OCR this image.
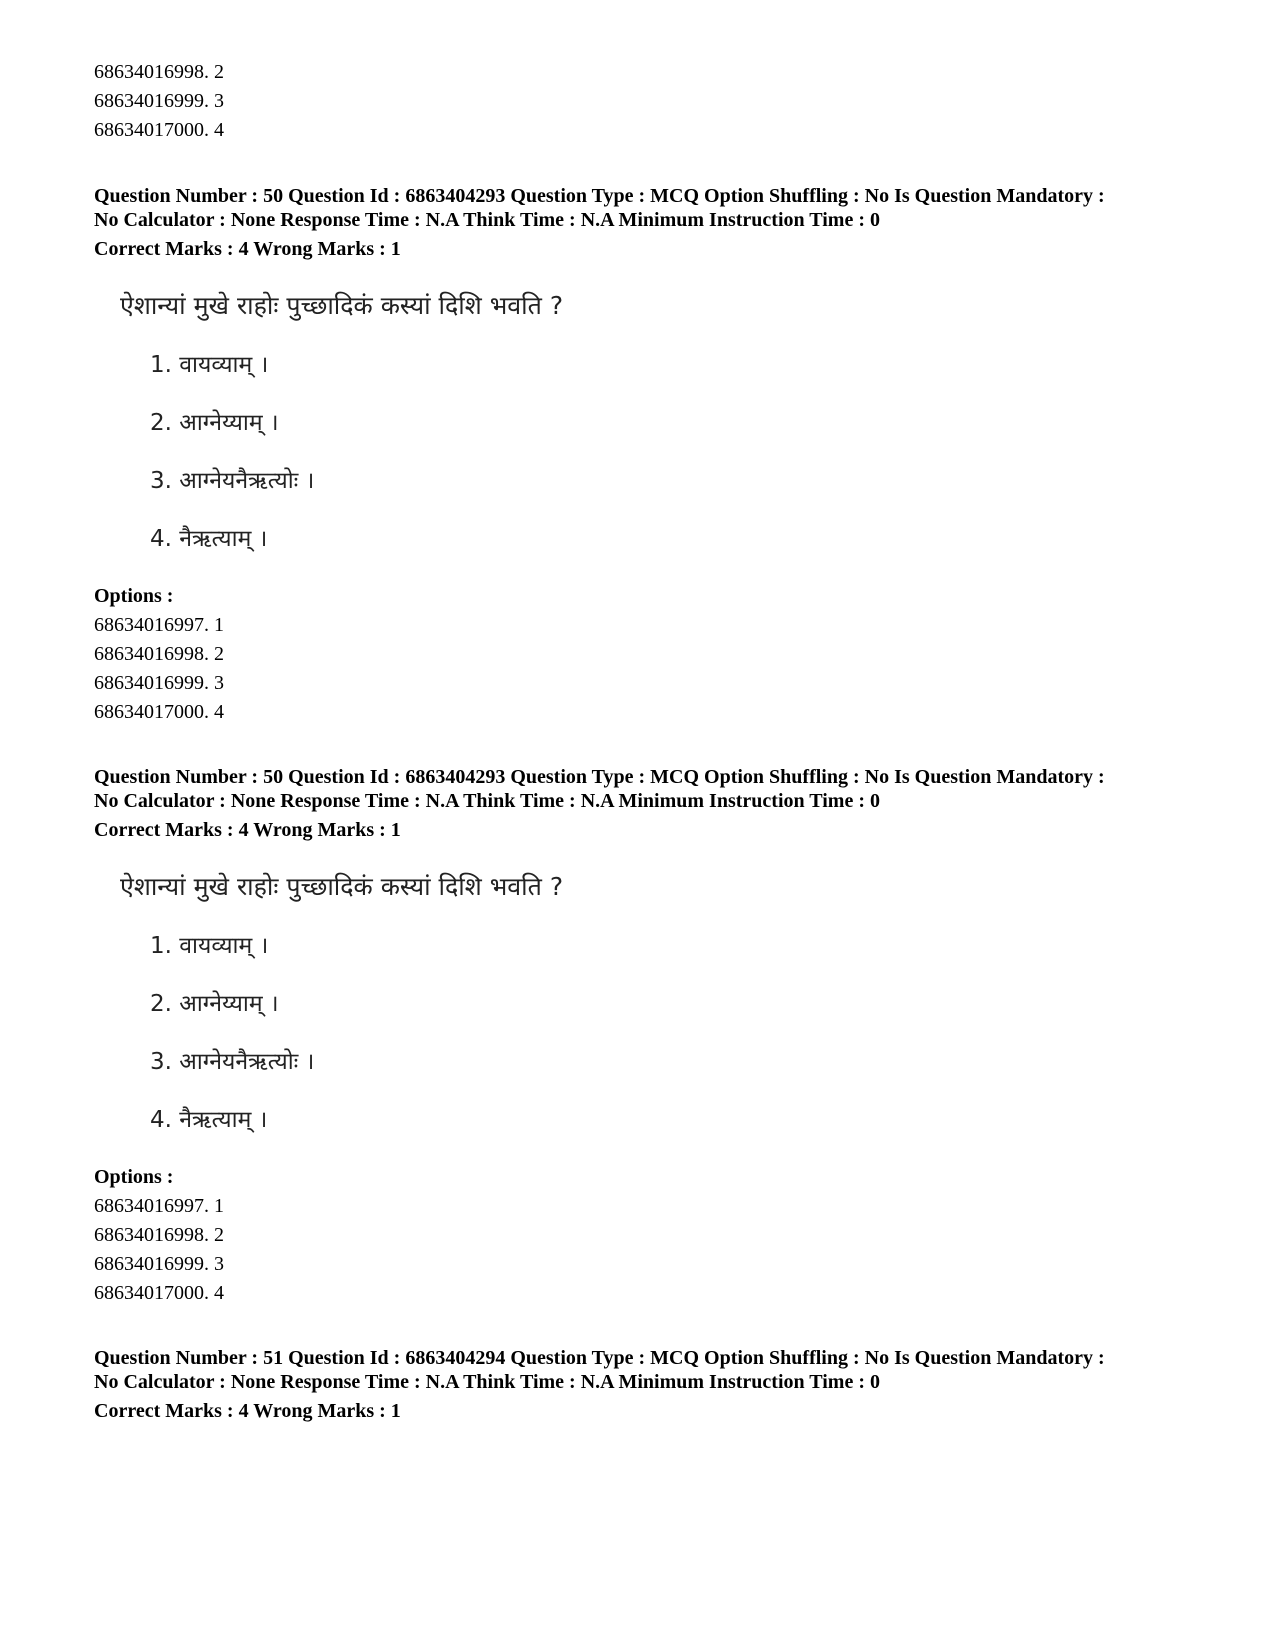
68634016998. 2
68634016999. 3
68634017000. 4
Question Number : 50 Question Id : 6863404293 Question Type : MCQ Option Shuffling : No Is Question Mandatory :
No Calculator : None Response Time : N.A Think Time : N.A Minimum Instruction Time : 0
Correct Marks : 4 Wrong Marks : 1
ऐशान्यां मुखे राहोः पुच्छादिकं कस्यां दिशि भवति ?
1. वायव्याम् ।
2. आग्नेय्याम् ।
3. आग्नेयनैऋत्योः ।
4. नैऋत्याम् ।
Options :
68634016997. 1
68634016998. 2
68634016999. 3
68634017000. 4
Question Number : 50 Question Id : 6863404293 Question Type : MCQ Option Shuffling : No Is Question Mandatory :
No Calculator : None Response Time : N.A Think Time : N.A Minimum Instruction Time : 0
Correct Marks : 4 Wrong Marks : 1
ऐशान्यां मुखे राहोः पुच्छादिकं कस्यां दिशि भवति ?
1. वायव्याम् ।
2. आग्नेय्याम् ।
3. आग्नेयनैऋत्योः ।
4. नैऋत्याम् ।
Options :
68634016997. 1
68634016998. 2
68634016999. 3
68634017000. 4
Question Number : 51 Question Id : 6863404294 Question Type : MCQ Option Shuffling : No Is Question Mandatory :
No Calculator : None Response Time : N.A Think Time : N.A Minimum Instruction Time : 0
Correct Marks : 4 Wrong Marks : 1
